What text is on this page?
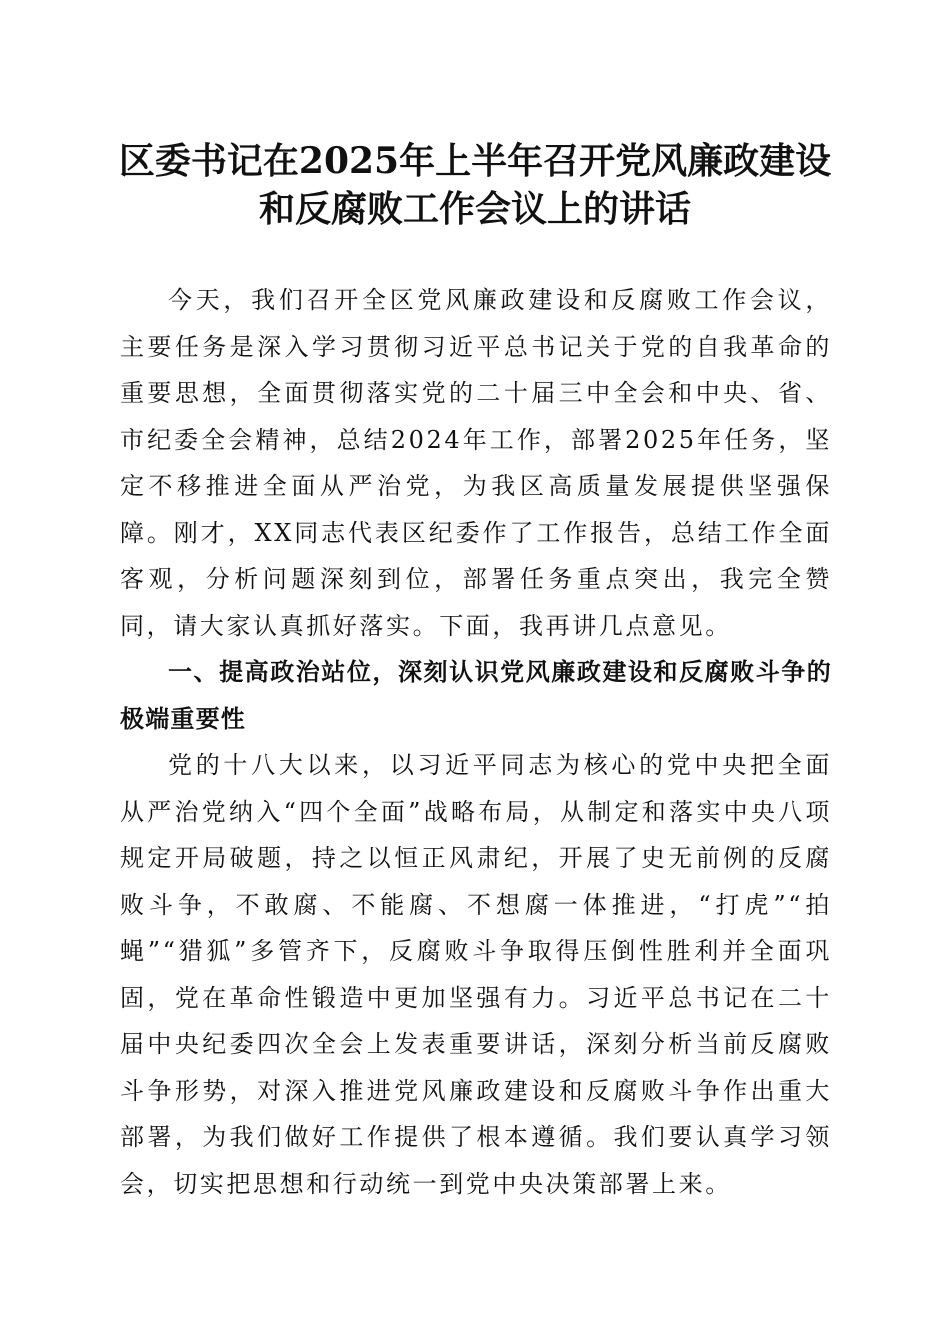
区委书记在2025年上半年召开党风廉政建设
和反腐败工作会议上的讲话

今天，我们召开全区党风廉政建设和反腐败工作会议，主要任务是深入学习贯彻习近平总书记关于党的自我革命的重要思想，全面贯彻落实党的二十届三中全会和中央、省、市纪委全会精神，总结2024年工作，部署2025年任务，坚定不移推进全面从严治党，为我区高质量发展提供坚强保障。刚才，XX同志代表区纪委作了工作报告，总结工作全面客观，分析问题深刻到位，部署任务重点突出，我完全赞同，请大家认真抓好落实。下面，我再讲几点意见。

一、提高政治站位，深刻认识党风廉政建设和反腐败斗争的极端重要性

党的十八大以来，以习近平同志为核心的党中央把全面从严治党纳入“四个全面”战略布局，从制定和落实中央八项规定开局破题，持之以恒正风肃纪，开展了史无前例的反腐败斗争，不敢腐、不能腐、不想腐一体推进，“打虎”“拍蝇”“猎狐”多管齐下，反腐败斗争取得压倒性胜利并全面巩固，党在革命性锻造中更加坚强有力。习近平总书记在二十届中央纪委四次全会上发表重要讲话，深刻分析当前反腐败斗争形势，对深入推进党风廉政建设和反腐败斗争作出重大部署，为我们做好工作提供了根本遵循。我们要认真学习领会，切实把思想和行动统一到党中央决策部署上来。
